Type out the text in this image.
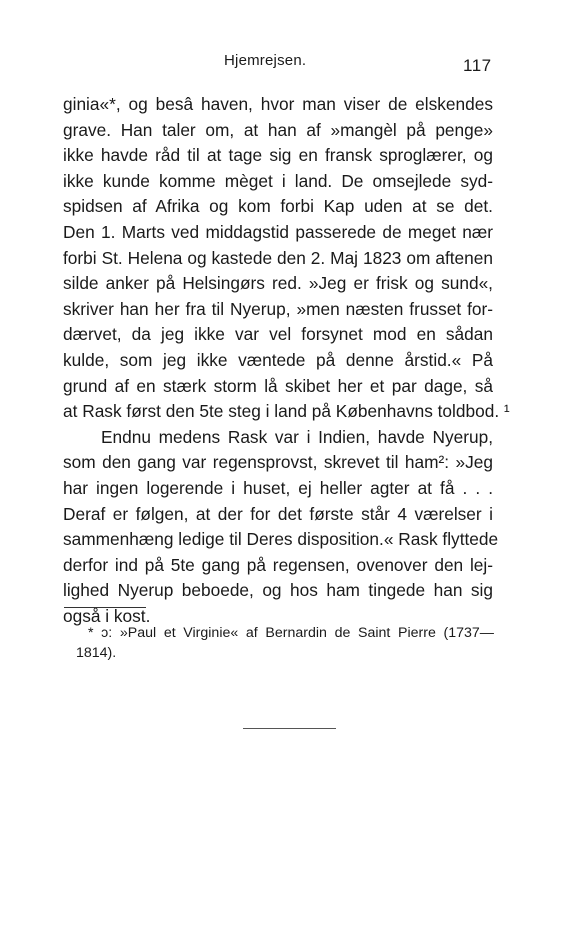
Hjemrejsen.	117
ginia«*, og besâ haven, hvor man viser de elskendes
grave. Han taler om, at han af »mangèl på penge»
ikke havde råd til at tage sig en fransk sproglærer, og
ikke kunde komme mèget i land. De omsejlede syd-
spidsen af Afrika og kom forbi Kap uden at se det.
Den 1. Marts ved middagstid passerede de meget nær
forbi St. Helena og kastede den 2. Maj 1823 om aftenen
silde anker på Helsingørs red. »Jeg er frisk og sund«,
skriver han her fra til Nyerup, »men næsten frusset for-
dærvet, da jeg ikke var vel forsynet mod en sådan
kulde, som jeg ikke væntede på denne årstid.« På
grund af en stærk storm lå skibet her et par dage, så
at Rask først den 5te steg i land på Københavns toldbod. ¹
Endnu medens Rask var i Indien, havde Nyerup,
som den gang var regensprovst, skrevet til ham²: »Jeg
har ingen logerende i huset, ej heller agter at få . . .
Deraf er følgen, at der for det første står 4 værelser i
sammenhæng ledige til Deres disposition.« Rask flyttede
derfor ind på 5te gang på regensen, ovenover den lej-
lighed Nyerup beboede, og hos ham tingede han sig
også i kost.
* ɔ: »Paul et Virginie« af Bernardin de Saint Pierre (1737—
1814).
